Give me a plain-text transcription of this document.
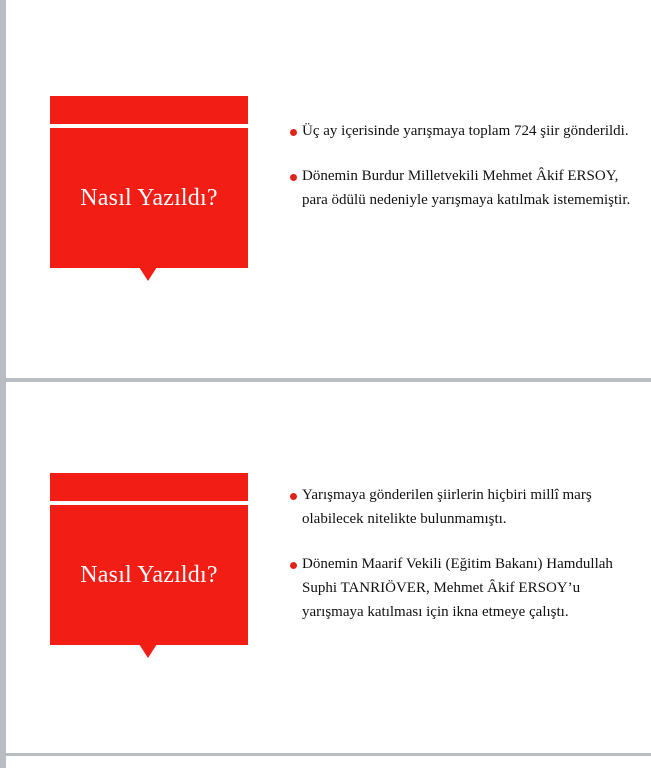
Nasıl Yazıldı?
Üç ay içerisinde yarışmaya toplam 724 şiir gönderildi.
Dönemin Burdur Milletvekili Mehmet Âkif ERSOY, para ödülü nedeniyle yarışmaya katılmak istememiştir.
Nasıl Yazıldı?
Yarışmaya gönderilen şiirlerin hiçbiri millî marş olabilecek nitelikte bulunmamıştı.
Dönemin Maarif Vekili (Eğitim Bakanı) Hamdullah Suphi TANRIÖVER, Mehmet Âkif ERSOY’u yarışmaya katılması için ikna etmeye çalıştı.
